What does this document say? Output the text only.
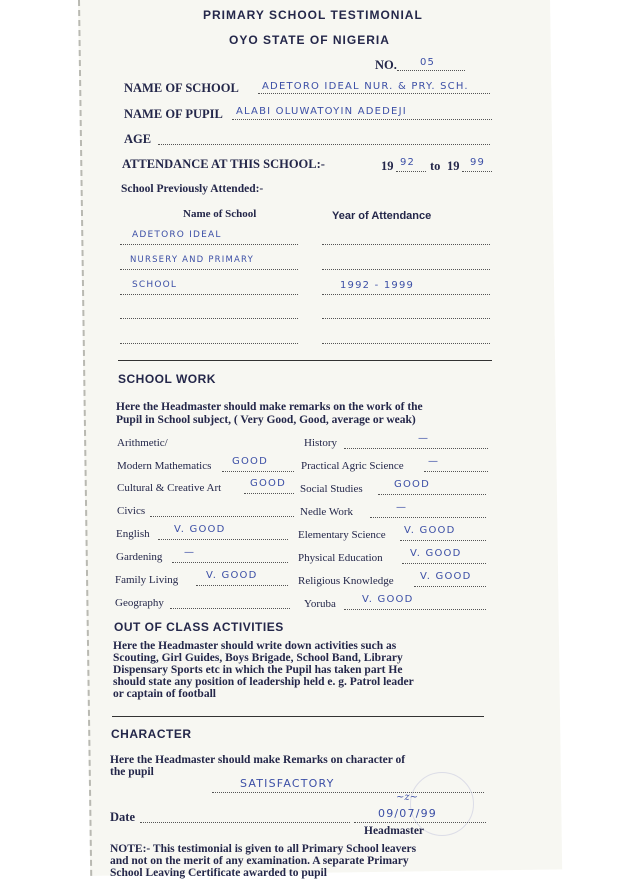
PRIMARY SCHOOL TESTIMONIAL
OYO STATE OF NIGERIA
NO. 05
NAME OF SCHOOL ADETORO IDEAL NUR. & PRY. SCH.
NAME OF PUPIL ALABI OLUWATOYIN ADEDEJI
AGE
ATTENDANCE AT THIS SCHOOL:-	19 92 to 19 99
School Previously Attended:-
Name of School	Year of Attendance
ADETORO IDEAL
NURSERY AND PRIMARY
SCHOOL	1992 - 1999
SCHOOL WORK
Here the Headmaster should make remarks on the work of the
Pupil in School subject, ( Very Good, Good, average or weak)
Arithmetic/
Modern Mathematics GOOD
Cultural & Creative Art	GOOD
Civics
English V. GOOD
Gardening —
Family Living	V. GOOD
Geography
History	—
Practical Agric Science —
Social Studies	GOOD
Nedle Work	—
Elementary Science V. GOOD
Physical Education	V. GOOD
Religious Knowledge	V. GOOD
Yoruba	V. GOOD
OUT OF CLASS ACTIVITIES
Here the Headmaster should write down activities such as
Scouting, Girl Guides, Boys Brigade, School Band, Library
Dispensary Sports etc in which the Pupil has taken part He
should state any position of leadership held e. g. Patrol leader
or captain of football
CHARACTER
Here the Headmaster should make Remarks on character of
the pupil
SATISFACTORY
~z~
Date	09/07/99
Headmaster
NOTE:- This testimonial is given to all Primary School leavers
and not on the merit of any examination. A separate Primary
School Leaving Certificate awarded to pupil
